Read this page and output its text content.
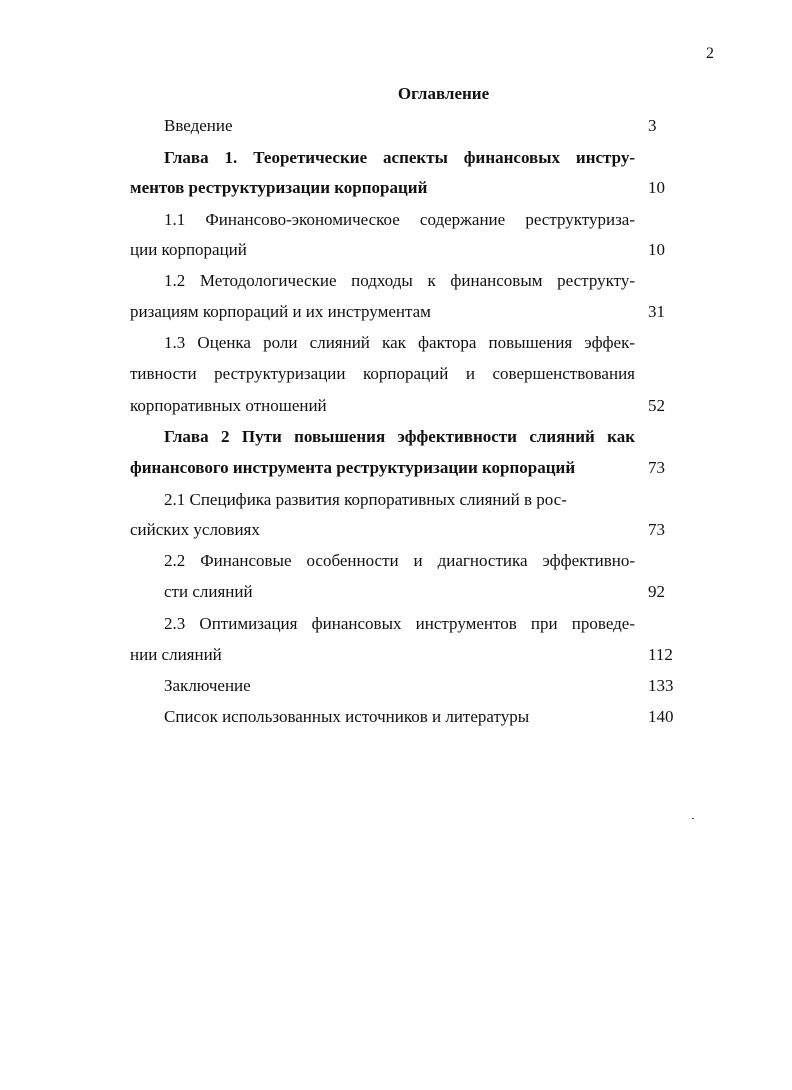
2
Оглавление
Введение	3
Глава 1. Теоретические аспекты финансовых инстру-
ментов реструктуризации корпораций	10
1.1 Финансово-экономическое содержание реструктуриза-
ции корпораций	10
1.2 Методологические подходы к финансовым реструкту-
ризациям корпораций и их инструментам	31
1.3 Оценка роли слияний как фактора повышения эффек-
тивности реструктуризации корпораций и совершенствования
корпоративных отношений	52
Глава 2 Пути повышения эффективности слияний как
финансового инструмента реструктуризации корпораций	73
2.1 Специфика развития корпоративных слияний в рос-
сийских условиях	73
2.2 Финансовые особенности и диагностика эффективно-
сти слияний	92
2.3 Оптимизация финансовых инструментов при проведе-
нии слияний	112
Заключение	133
Список использованных источников и литературы	140
